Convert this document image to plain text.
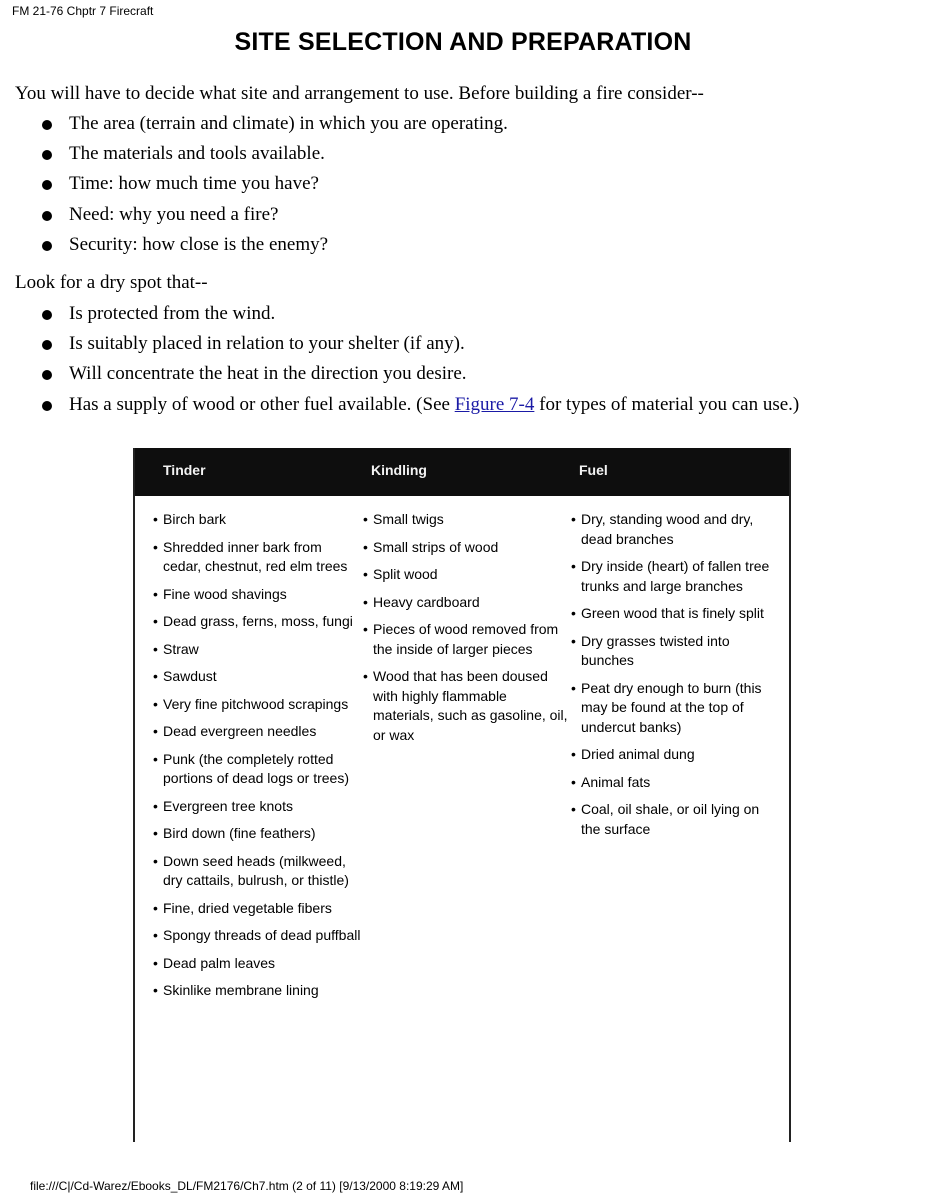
FM 21-76 Chptr 7 Firecraft
SITE SELECTION AND PREPARATION
You will have to decide what site and arrangement to use. Before building a fire consider--
The area (terrain and climate) in which you are operating.
The materials and tools available.
Time: how much time you have?
Need: why you need a fire?
Security: how close is the enemy?
Look for a dry spot that--
Is protected from the wind.
Is suitably placed in relation to your shelter (if any).
Will concentrate the heat in the direction you desire.
Has a supply of wood or other fuel available. (See Figure 7-4 for types of material you can use.)
Tinder	Kindling	Fuel
• Birch bark
• Shredded inner bark from cedar, chestnut, red elm trees
• Fine wood shavings
• Dead grass, ferns, moss, fungi
• Straw
• Sawdust
• Very fine pitchwood scrapings
• Dead evergreen needles
• Punk (the completely rotted portions of dead logs or trees)
• Evergreen tree knots
• Bird down (fine feathers)
• Down seed heads (milkweed, dry cattails, bulrush, or thistle)
• Fine, dried vegetable fibers
• Spongy threads of dead puffball
• Dead palm leaves
• Skinlike membrane lining
• Small twigs
• Small strips of wood
• Split wood
• Heavy cardboard
• Pieces of wood removed from the inside of larger pieces
• Wood that has been doused with highly flammable materials, such as gasoline, oil, or wax
• Dry, standing wood and dry, dead branches
• Dry inside (heart) of fallen tree trunks and large branches
• Green wood that is finely split
• Dry grasses twisted into bunches
• Peat dry enough to burn (this may be found at the top of undercut banks)
• Dried animal dung
• Animal fats
• Coal, oil shale, or oil lying on the surface
file:///C|/Cd-Warez/Ebooks_DL/FM2176/Ch7.htm (2 of 11) [9/13/2000 8:19:29 AM]
